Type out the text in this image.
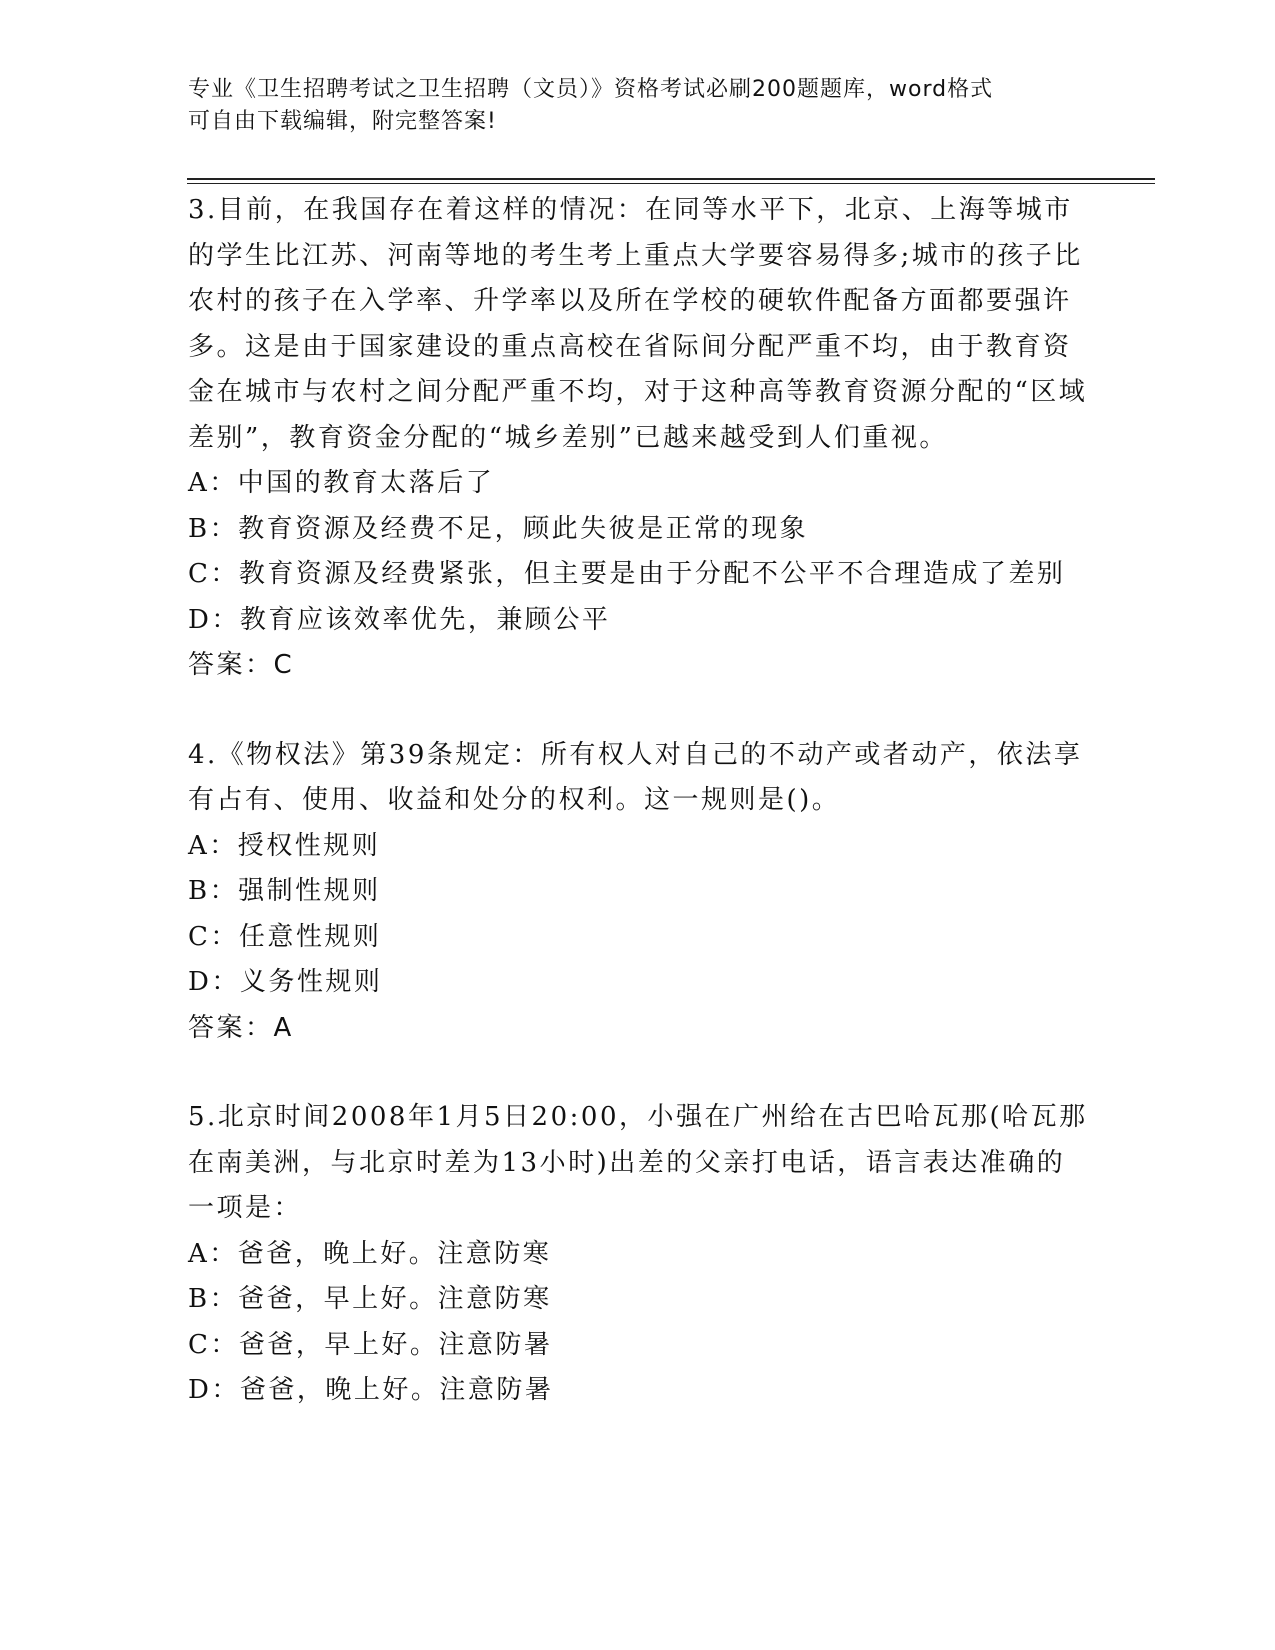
专业《卫生招聘考试之卫生招聘（文员）》资格考试必刷200题题库，word格式
可自由下载编辑，附完整答案!

3.目前，在我国存在着这样的情况：在同等水平下，北京、上海等城市的学生比江苏、河南等地的考生考上重点大学要容易得多;城市的孩子比农村的孩子在入学率、升学率以及所在学校的硬软件配备方面都要强许多。这是由于国家建设的重点高校在省际间分配严重不均，由于教育资金在城市与农村之间分配严重不均，对于这种高等教育资源分配的“区域差别”，教育资金分配的“城乡差别”已越来越受到人们重视。

A：中国的教育太落后了

B：教育资源及经费不足，顾此失彼是正常的现象

C：教育资源及经费紧张，但主要是由于分配不公平不合理造成了差别

D：教育应该效率优先，兼顾公平

答案：C

4.《物权法》第39条规定：所有权人对自己的不动产或者动产，依法享有占有、使用、收益和处分的权利。这一规则是()。

A：授权性规则

B：强制性规则

C：任意性规则

D：义务性规则

答案：A

5.北京时间2008年1月5日20:00，小强在广州给在古巴哈瓦那(哈瓦那在南美洲，与北京时差为13小时)出差的父亲打电话，语言表达准确的一项是：

A：爸爸，晚上好。注意防寒

B：爸爸，早上好。注意防寒

C：爸爸，早上好。注意防暑

D：爸爸，晚上好。注意防暑
